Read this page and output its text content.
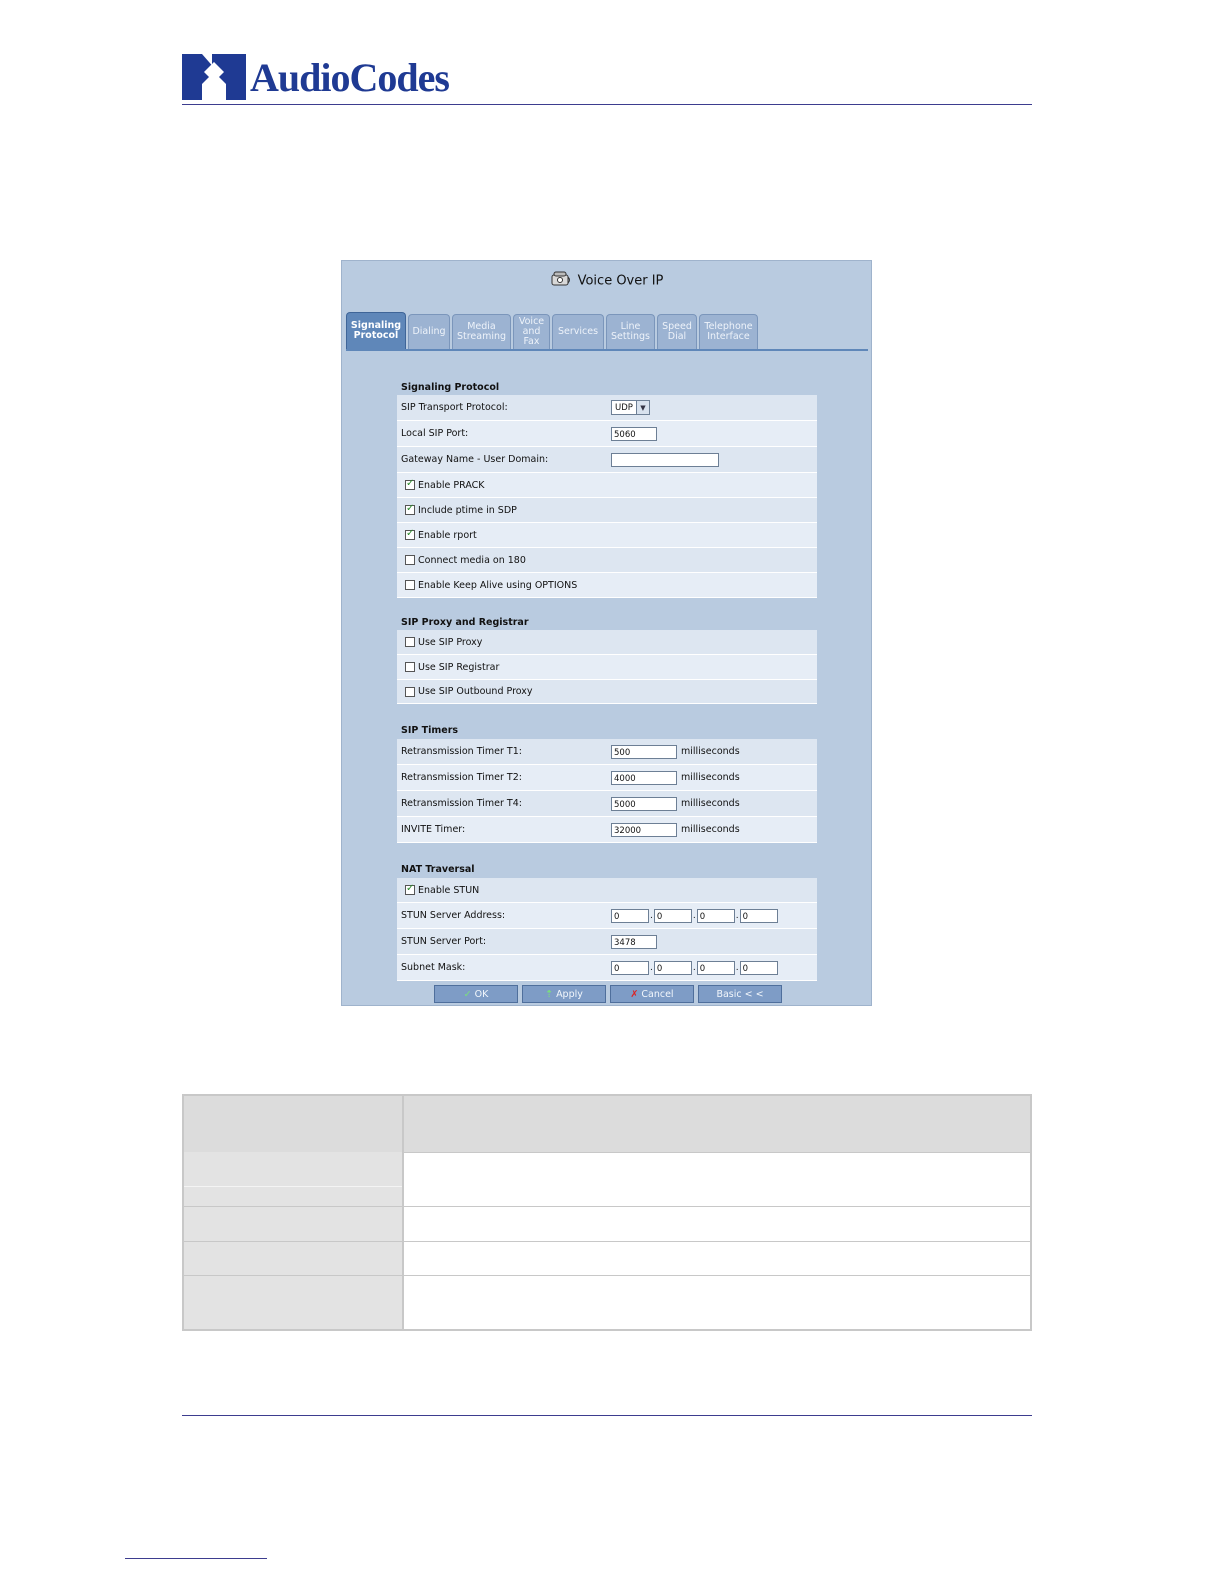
AudioCodes
Voice Over IP
Signaling
Protocol	Dialing	Media
Streaming
Voice
and
Fax
Services	Line
Settings
Speed
Dial
Telephone
Interface
Signaling Protocol
SIP Transport Protocol:	UDP	▼
Local SIP Port:	5060
Gateway Name - User Domain:
✓
Enable PRACK
✓
Include ptime in SDP
✓
Enable rport
Connect media on 180
Enable Keep Alive using OPTIONS
SIP Proxy and Registrar
Use SIP Proxy
Use SIP Registrar
Use SIP Outbound Proxy
SIP Timers
Retransmission Timer T1:	500	milliseconds
Retransmission Timer T2:	4000	milliseconds
Retransmission Timer T4:	5000	milliseconds
INVITE Timer:	32000	milliseconds
NAT Traversal
✓
Enable STUN
STUN Server Address:	0	. 0	. 0	. 0
STUN Server Port:	3478
Subnet Mask:	0	. 0	. 0	. 0
✓ OK	⇡ Apply	✗ Cancel	Basic < <
